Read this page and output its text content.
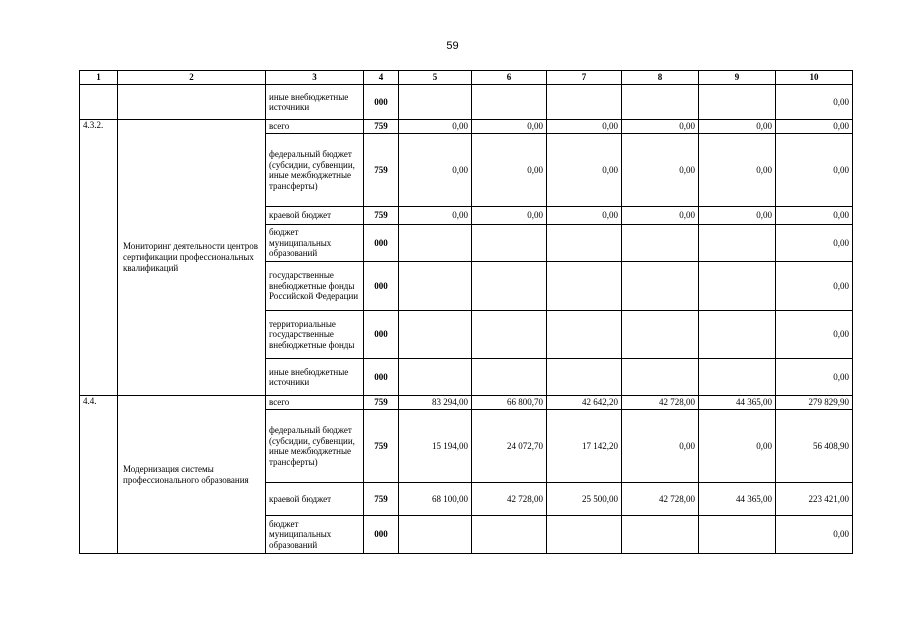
59
1	2	3	4	5	6	7	8	9	10
		иные внебюджетные источники	000						0,00
4.3.2.	Мониторинг деятельности центров сертификации профессиональных квалификаций	всего	759	0,00	0,00	0,00	0,00	0,00	0,00
		федеральный бюджет (субсидии, субвенции, иные межбюджетные трансферты)	759	0,00	0,00	0,00	0,00	0,00	0,00
		краевой бюджет	759	0,00	0,00	0,00	0,00	0,00	0,00
		бюджет муниципальных образований	000						0,00
		государственные внебюджетные фонды Российской Федерации	000						0,00
		территориальные государственные внебюджетные фонды	000						0,00
		иные внебюджетные источники	000						0,00
4.4.	Модернизация системы профессионального образования	всего	759	83 294,00	66 800,70	42 642,20	42 728,00	44 365,00	279 829,90
		федеральный бюджет (субсидии, субвенции, иные межбюджетные трансферты)	759	15 194,00	24 072,70	17 142,20	0,00	0,00	56 408,90
		краевой бюджет	759	68 100,00	42 728,00	25 500,00	42 728,00	44 365,00	223 421,00
		бюджет муниципальных образований	000						0,00
